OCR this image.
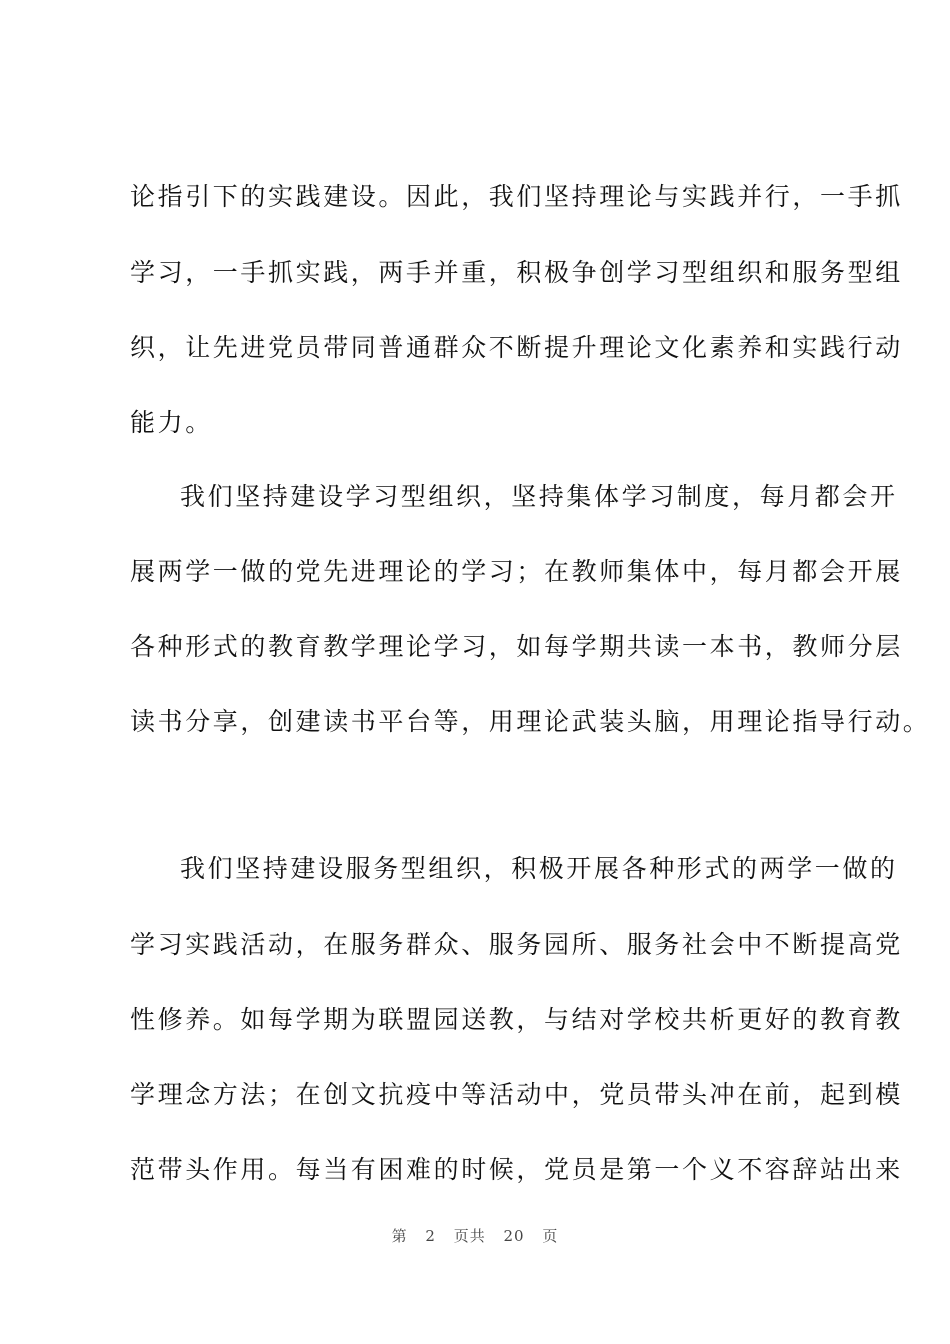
论指引下的实践建设。因此，我们坚持理论与实践并行，一手抓
学习，一手抓实践，两手并重，积极争创学习型组织和服务型组
织，让先进党员带同普通群众不断提升理论文化素养和实践行动
能力。
我们坚持建设学习型组织，坚持集体学习制度，每月都会开
展两学一做的党先进理论的学习；在教师集体中，每月都会开展
各种形式的教育教学理论学习，如每学期共读一本书，教师分层
读书分享，创建读书平台等，用理论武装头脑，用理论指导行动。
我们坚持建设服务型组织，积极开展各种形式的两学一做的
学习实践活动，在服务群众、服务园所、服务社会中不断提高党
性修养。如每学期为联盟园送教，与结对学校共析更好的教育教
学理念方法；在创文抗疫中等活动中，党员带头冲在前，起到模
范带头作用。每当有困难的时候，党员是第一个义不容辞站出来
第 2 页共 20 页
